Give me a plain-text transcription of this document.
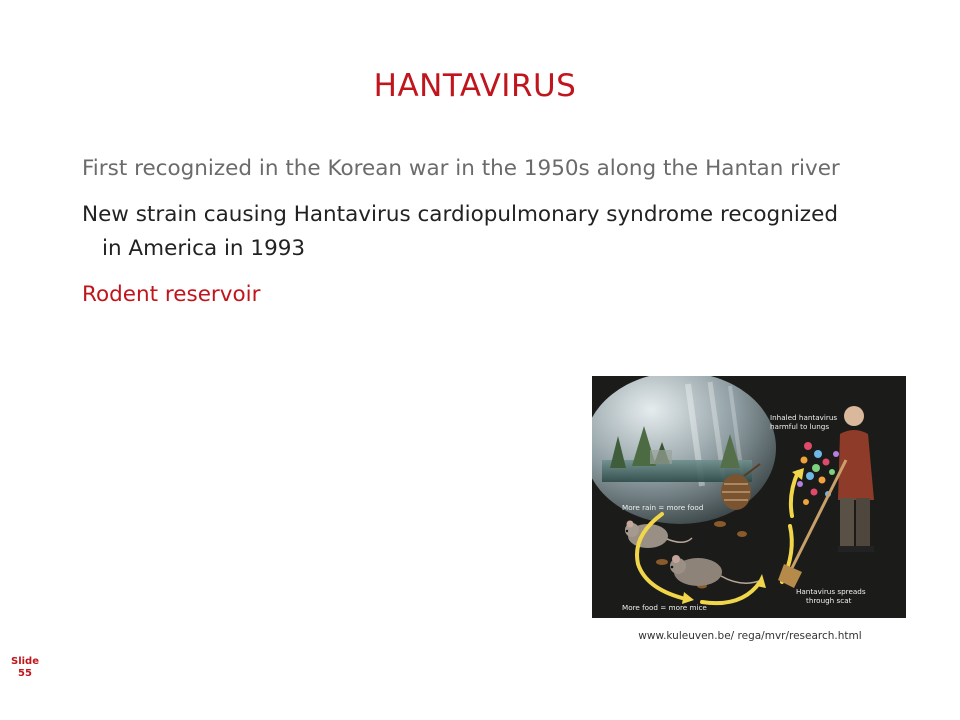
HANTAVIRUS
First recognized in the Korean war in the 1950s along the Hantan river
New strain causing Hantavirus cardiopulmonary syndrome recognized in America in 1993
Rodent reservoir
Inhaled hantavirus
harmful to lungs
More rain = more food
More food = more mice
Hantavirus spreads
through scat
www.kuleuven.be/ rega/mvr/research.html
Slide
55
